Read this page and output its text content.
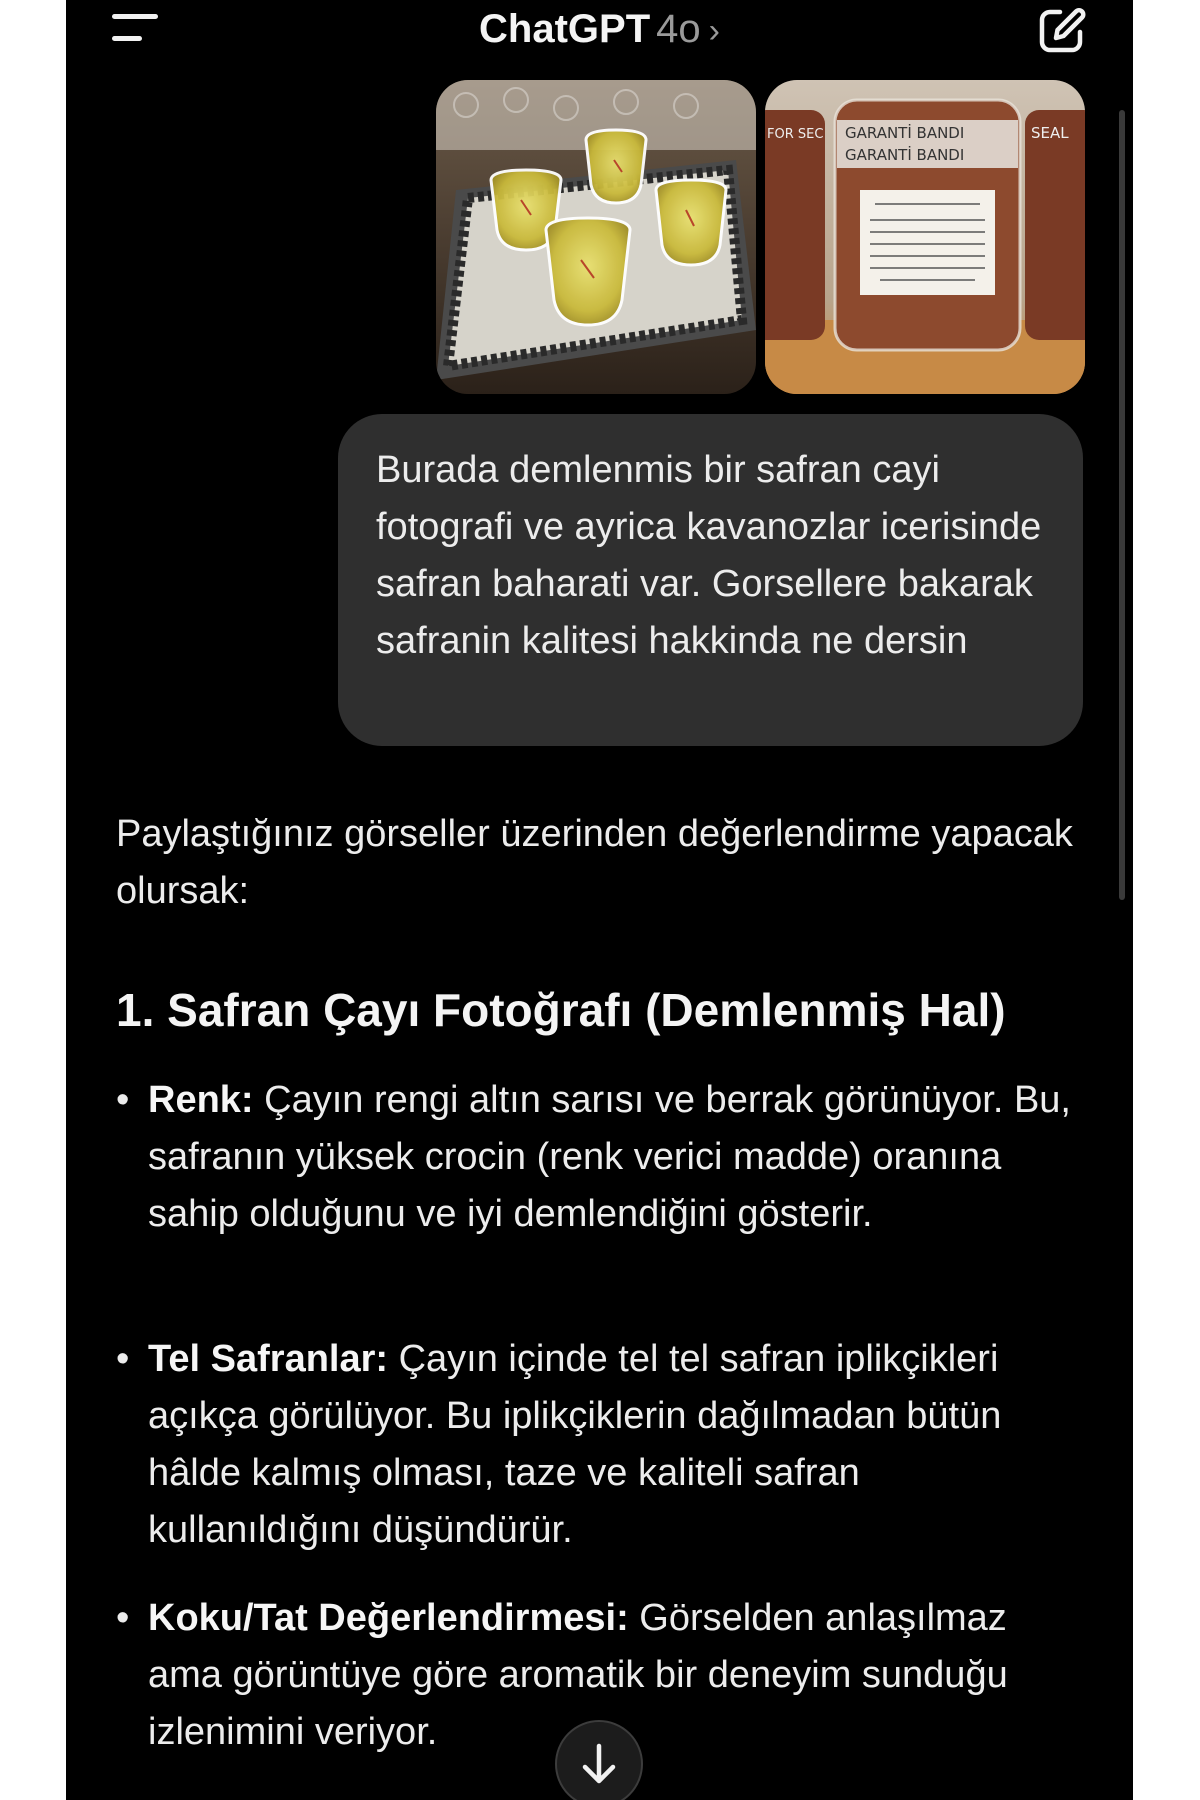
ChatGPT 4o ›
GARANTİ BANDI
GARANTİ BANDI
SEAL
FOR SEC
Burada demlenmis bir safran cayi fotografi ve ayrica kavanozlar icerisinde safran baharati var. Gorsellere bakarak safranin kalitesi hakkinda ne dersin
Paylaştığınız görseller üzerinden değerlendirme yapacak olursak:
1. Safran Çayı Fotoğrafı (Demlenmiş Hal)
• Renk: Çayın rengi altın sarısı ve berrak görünüyor. Bu, safranın yüksek crocin (renk verici madde) oranına sahip olduğunu ve iyi demlendiğini gösterir.
• Tel Safranlar: Çayın içinde tel tel safran iplikçikleri açıkça görülüyor. Bu iplikçiklerin dağılmadan bütün hâlde kalmış olması, taze ve kaliteli safran kullanıldığını düşündürür.
• Koku/Tat Değerlendirmesi: Görselden anlaşılmaz ama görüntüye göre aromatik bir deneyim sunduğu izlenimini veriyor.
